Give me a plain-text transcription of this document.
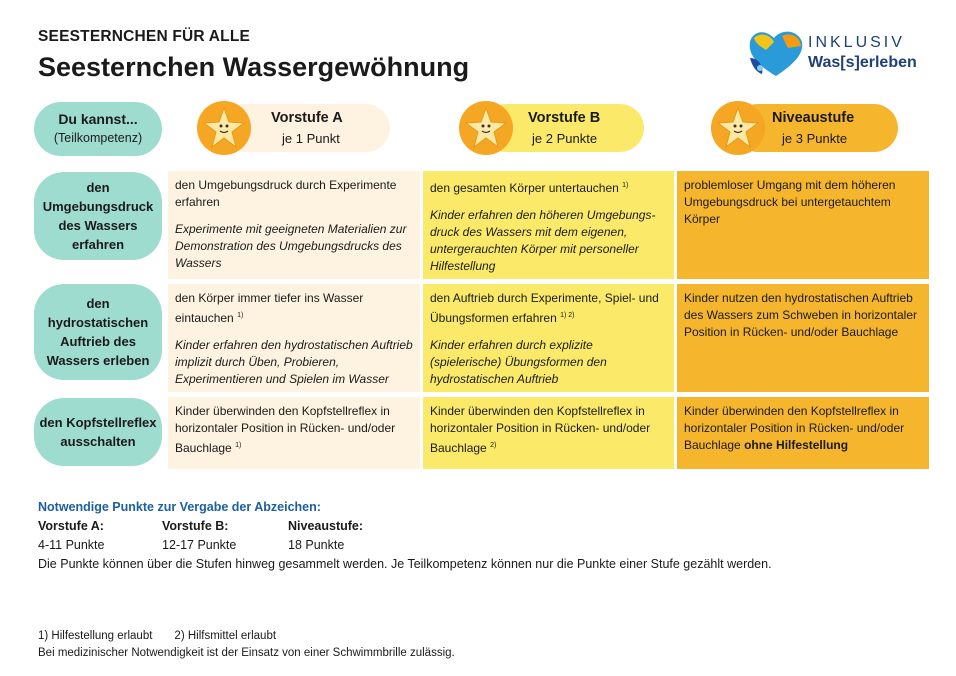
SEESTERNCHEN FÜR ALLE
Seesternchen Wassergewöhnung
INKLUSIV
Was[s]erleben
Du kannst...
(Teilkompetenz)
Vorstufe A
je 1 Punkt
Vorstufe B
je 2 Punkte
Niveaustufe
je 3 Punkte
den Umgebungsdruck des Wassers erfahren
den hydrostatischen Auftrieb des Wassers erleben
den Kopfstellreflex ausschalten

den Umgebungsdruck durch Experimente erfahren

Experimente mit geeigneten Materialien zur Demonstration des Umgebungsdrucks des Wassers

den gesamten Körper untertauchen $^{1)}$

Kinder erfahren den höheren Umgebungs-druck des Wassers mit dem eigenen, untergerauchten Körper mit personeller Hilfestellung

problemloser Umgang mit dem höheren Umgebungsdruck bei untergetauchtem Körper

den Körper immer tiefer ins Wasser eintauchen $^{1)}$

Kinder erfahren den hydrostatischen Auftrieb implizit durch Üben, Probieren, Experimentieren und Spielen im Wasser

den Auftrieb durch Experimente, Spiel- und Übungsformen erfahren $^{1) 2)}$

Kinder erfahren durch explizite (spielerische) Übungsformen den hydrostatischen Auftrieb

Kinder nutzen den hydrostatischen Auftrieb des Wassers zum Schweben in horizontaler Position in Rücken- und/oder Bauchlage

Kinder überwinden den Kopfstellreflex in horizontaler Position in Rücken- und/oder Bauchlage $^{1)}$

Kinder überwinden den Kopfstellreflex in horizontaler Position in Rücken- und/oder Bauchlage $^{2)}$

Kinder überwinden den Kopfstellreflex in horizontaler Position in Rücken- und/oder Bauchlage ohne Hilfestellung

Notwendige Punkte zur Vergabe der Abzeichen:
Vorstufe A:
4-11 Punkte
Vorstufe B:
12-17 Punkte
Niveaustufe:
18 Punkte
Die Punkte können über die Stufen hinweg gesammelt werden. Je Teilkompetenz können nur die Punkte einer Stufe gezählt werden.
1) Hilfestellung erlaubt 2) Hilfsmittel erlaubt
Bei medizinischer Notwendigkeit ist der Einsatz von einer Schwimmbrille zulässig.
